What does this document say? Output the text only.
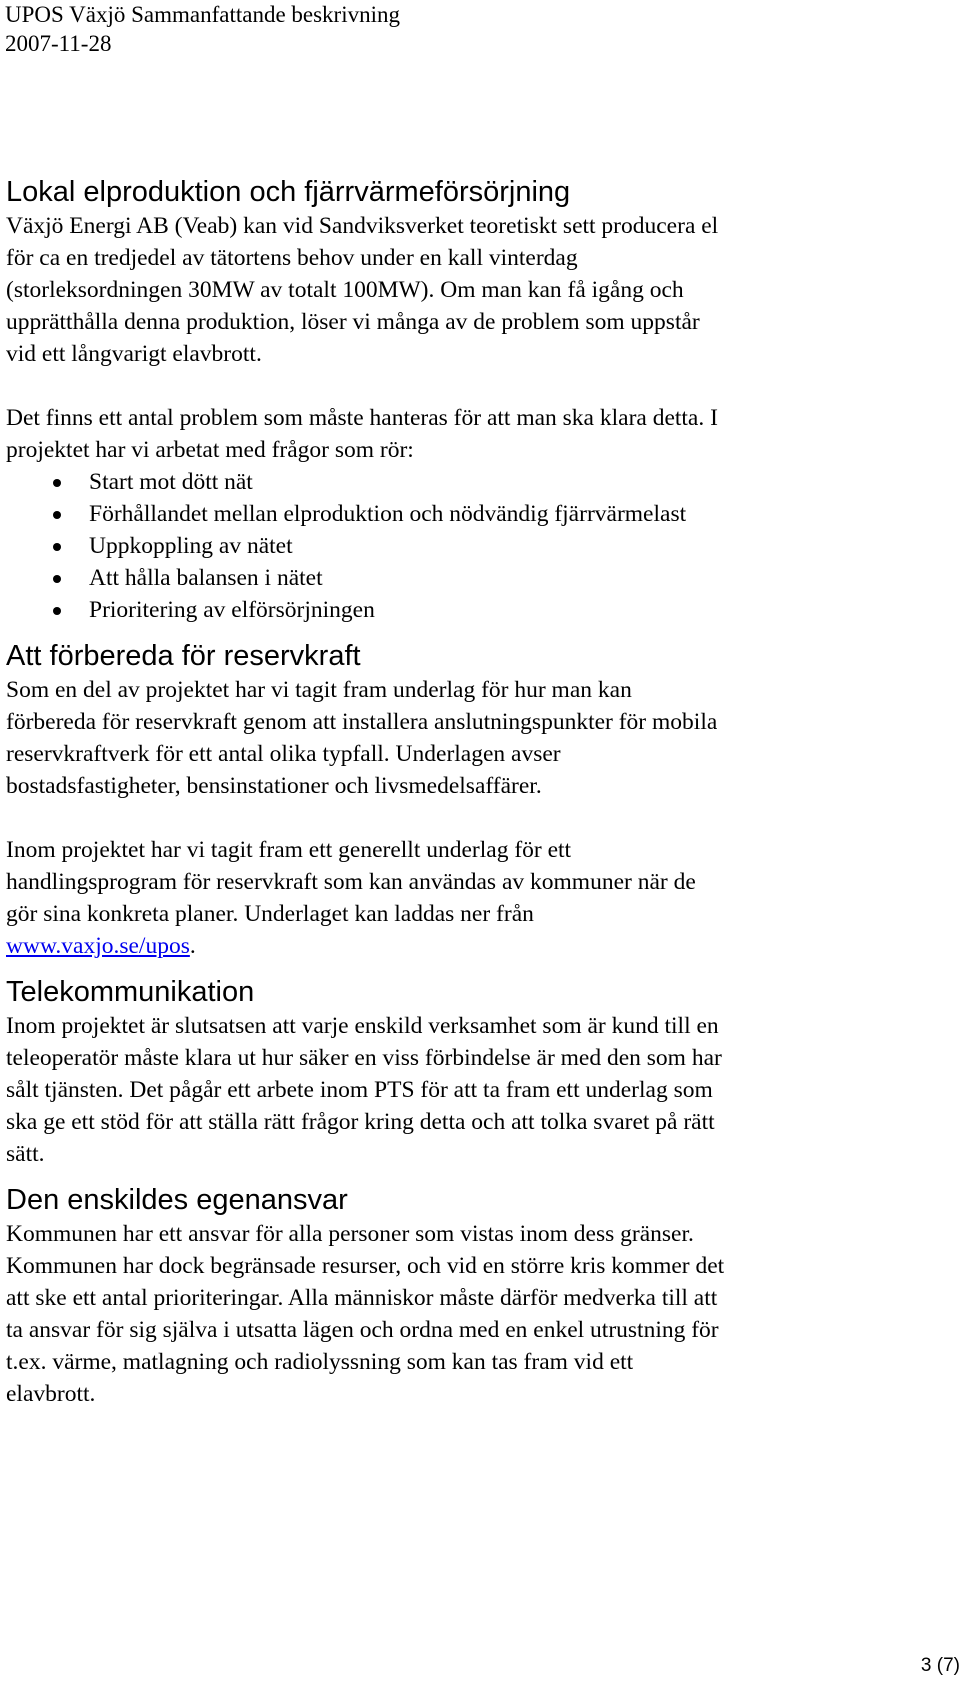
UPOS Växjö Sammanfattande beskrivning
2007-11-28
Lokal elproduktion och fjärrvärmeförsörjning

Växjö Energi AB (Veab) kan vid Sandviksverket teoretiskt sett producera el
för ca en tredjedel av tätortens behov under en kall vinterdag
(storleksordningen 30MW av totalt 100MW). Om man kan få igång och
upprätthålla denna produktion, löser vi många av de problem som uppstår
vid ett långvarigt elavbrott.

Det finns ett antal problem som måste hanteras för att man ska klara detta. I
projektet har vi arbetat med frågor som rör:

Start mot dött nät
Förhållandet mellan elproduktion och nödvändig fjärrvärmelast
Uppkoppling av nätet
Att hålla balansen i nätet
Prioritering av elförsörjningen
Att förbereda för reservkraft

Som en del av projektet har vi tagit fram underlag för hur man kan
förbereda för reservkraft genom att installera anslutningspunkter för mobila
reservkraftverk för ett antal olika typfall. Underlagen avser
bostadsfastigheter, bensinstationer och livsmedelsaffärer.

Inom projektet har vi tagit fram ett generellt underlag för ett
handlingsprogram för reservkraft som kan användas av kommuner när de
gör sina konkreta planer. Underlaget kan laddas ner från
www.vaxjo.se/upos.

Telekommunikation

Inom projektet är slutsatsen att varje enskild verksamhet som är kund till en
teleoperatör måste klara ut hur säker en viss förbindelse är med den som har
sålt tjänsten. Det pågår ett arbete inom PTS för att ta fram ett underlag som
ska ge ett stöd för att ställa rätt frågor kring detta och att tolka svaret på rätt
sätt.

Den enskildes egenansvar

Kommunen har ett ansvar för alla personer som vistas inom dess gränser.
Kommunen har dock begränsade resurser, och vid en större kris kommer det
att ske ett antal prioriteringar. Alla människor måste därför medverka till att
ta ansvar för sig själva i utsatta lägen och ordna med en enkel utrustning för
t.ex. värme, matlagning och radiolyssning som kan tas fram vid ett
elavbrott.

3 (7)
